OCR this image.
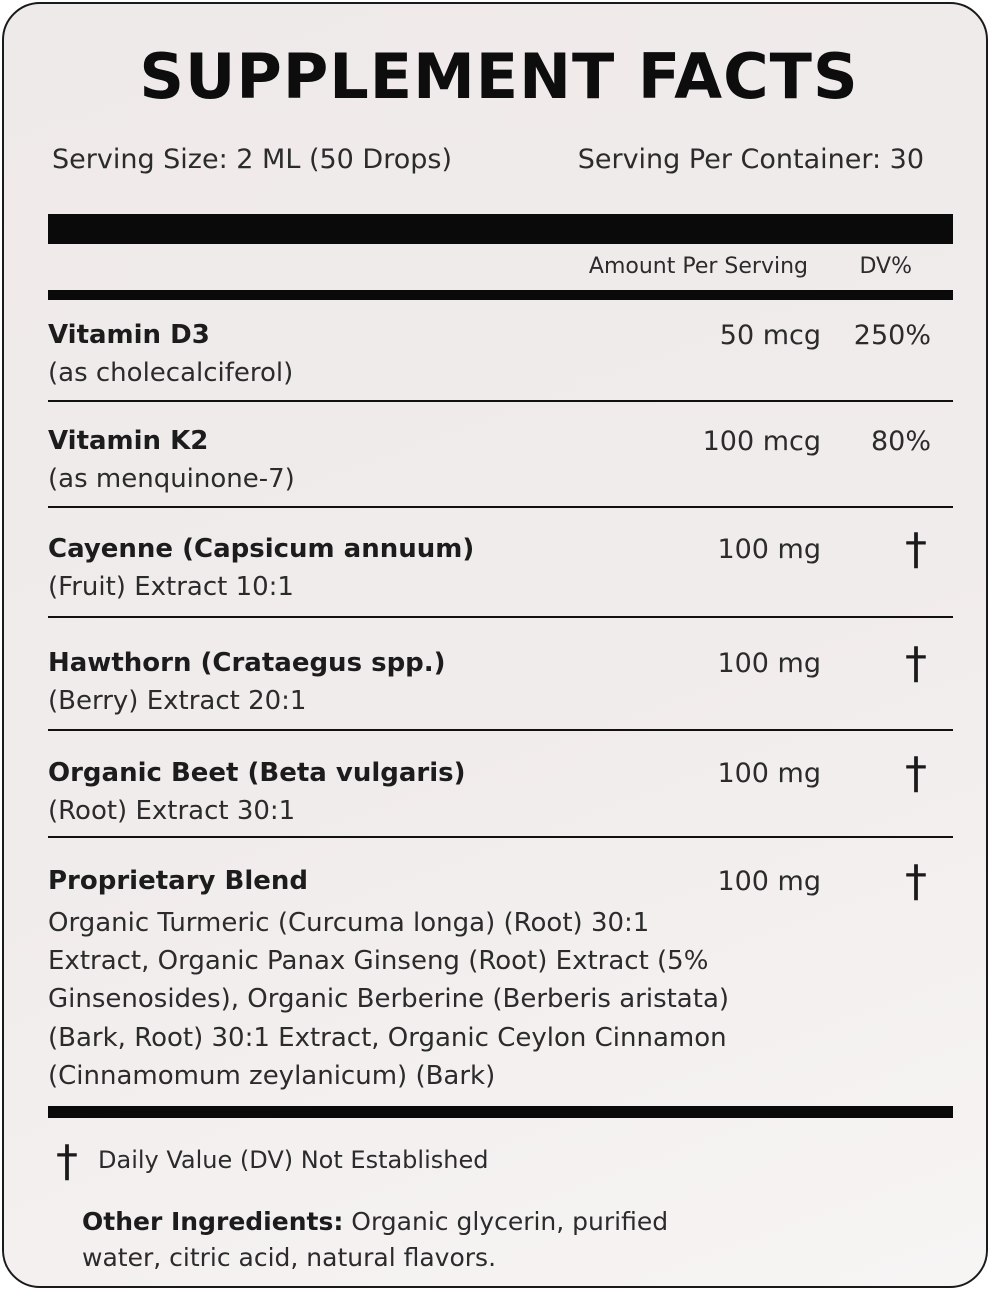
SUPPLEMENT FACTS
Serving Size: 2 ML (50 Drops)	Serving Per Container: 30
Amount Per Serving DV%
Vitamin D3
(as cholecalciferol)
50 mcg 250%
Vitamin K2
(as menquinone-7)
100 mcg 80%
Cayenne (Capsicum annuum)
(Fruit) Extract 10:1
100 mg †
Hawthorn (Crataegus spp.)
(Berry) Extract 20:1
100 mg †
Organic Beet (Beta vulgaris)
(Root) Extract 30:1
100 mg †
Proprietary Blend	100 mg †
Organic Turmeric (Curcuma longa) (Root) 30:1
Extract, Organic Panax Ginseng (Root) Extract (5%
Ginsenosides), Organic Berberine (Berberis aristata)
(Bark, Root) 30:1 Extract, Organic Ceylon Cinnamon
(Cinnamomum zeylanicum) (Bark)
† Daily Value (DV) Not Established
Other Ingredients: Organic glycerin, purified water, citric acid, natural flavors.
